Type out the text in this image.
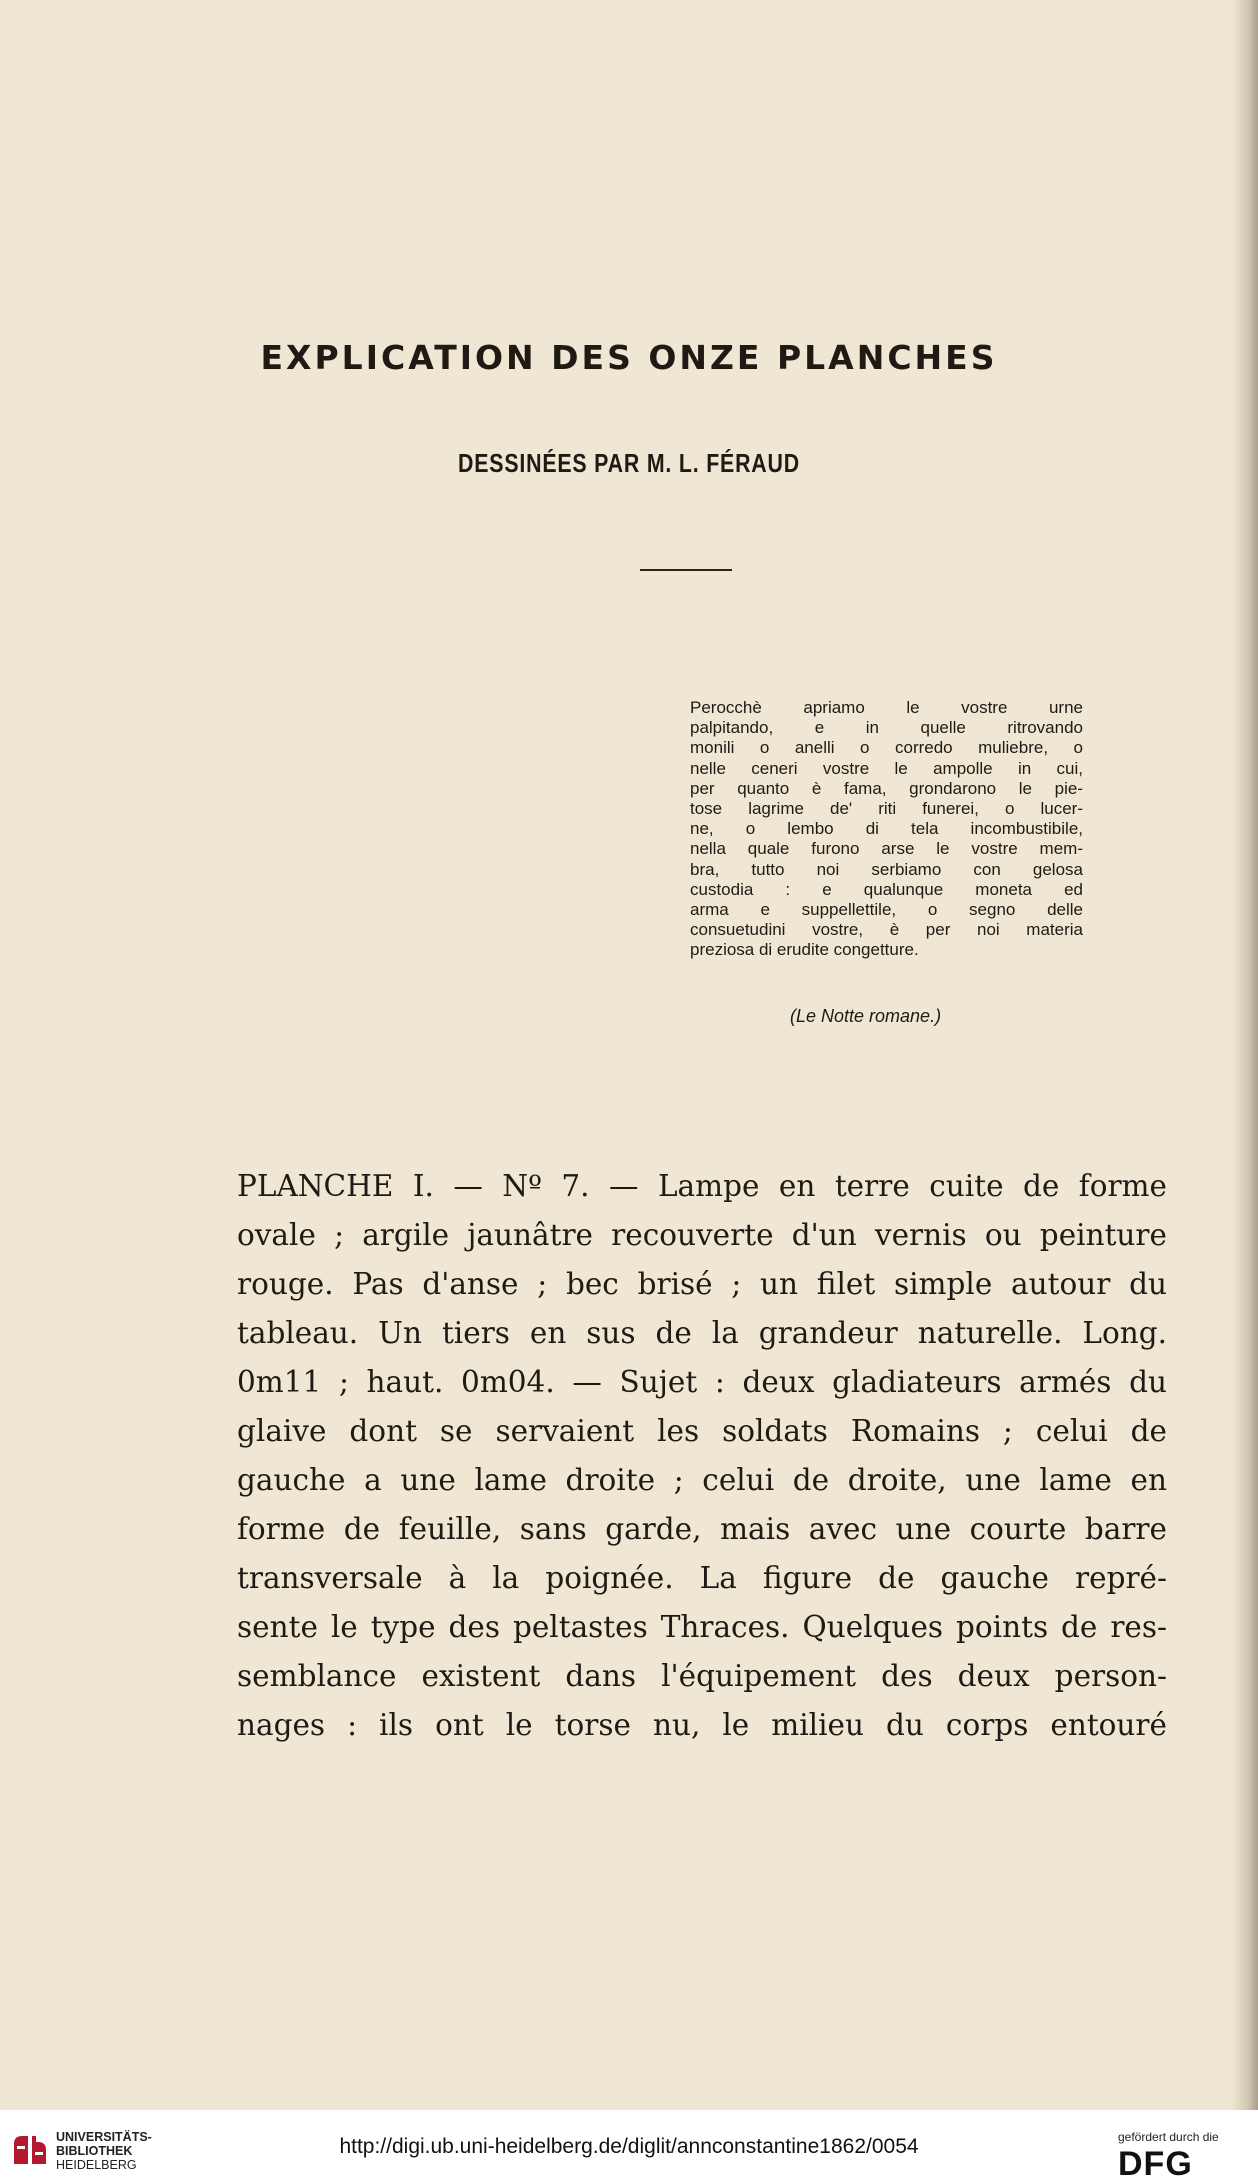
EXPLICATION DES ONZE PLANCHES
DESSINÉES PAR M. L. FÉRAUD
Perocchè apriamo le vostre urne
palpitando, e in quelle ritrovando
monili o anelli o corredo muliebre, o
nelle ceneri vostre le ampolle in cui,
per quanto è fama, grondarono le pie-
tose lagrime de' riti funerei, o lucer-
ne, o lembo di tela incombustibile,
nella quale furono arse le vostre mem-
bra, tutto noi serbiamo con gelosa
custodia : e qualunque moneta ed
arma e suppellettile, o segno delle
consuetudini vostre, è per noi materia
preziosa di erudite congetture.
(Le Notte romane.)
PLANCHE I. — Nº 7. — Lampe en terre cuite de forme
ovale ; argile jaunâtre recouverte d'un vernis ou peinture
rouge. Pas d'anse ; bec brisé ; un filet simple autour du
tableau. Un tiers en sus de la grandeur naturelle. Long.
0m11 ; haut. 0m04. — Sujet : deux gladiateurs armés du
glaive dont se servaient les soldats Romains ; celui de
gauche a une lame droite ; celui de droite, une lame en
forme de feuille, sans garde, mais avec une courte barre
transversale à la poignée. La figure de gauche repré-
sente le type des peltastes Thraces. Quelques points de res-
semblance existent dans l'équipement des deux person-
nages : ils ont le torse nu, le milieu du corps entouré
UNIVERSITÄTS-
BIBLIOTHEK
HEIDELBERG
http://digi.ub.uni-heidelberg.de/diglit/annconstantine1862/0054	gefördert durch die
DFG
